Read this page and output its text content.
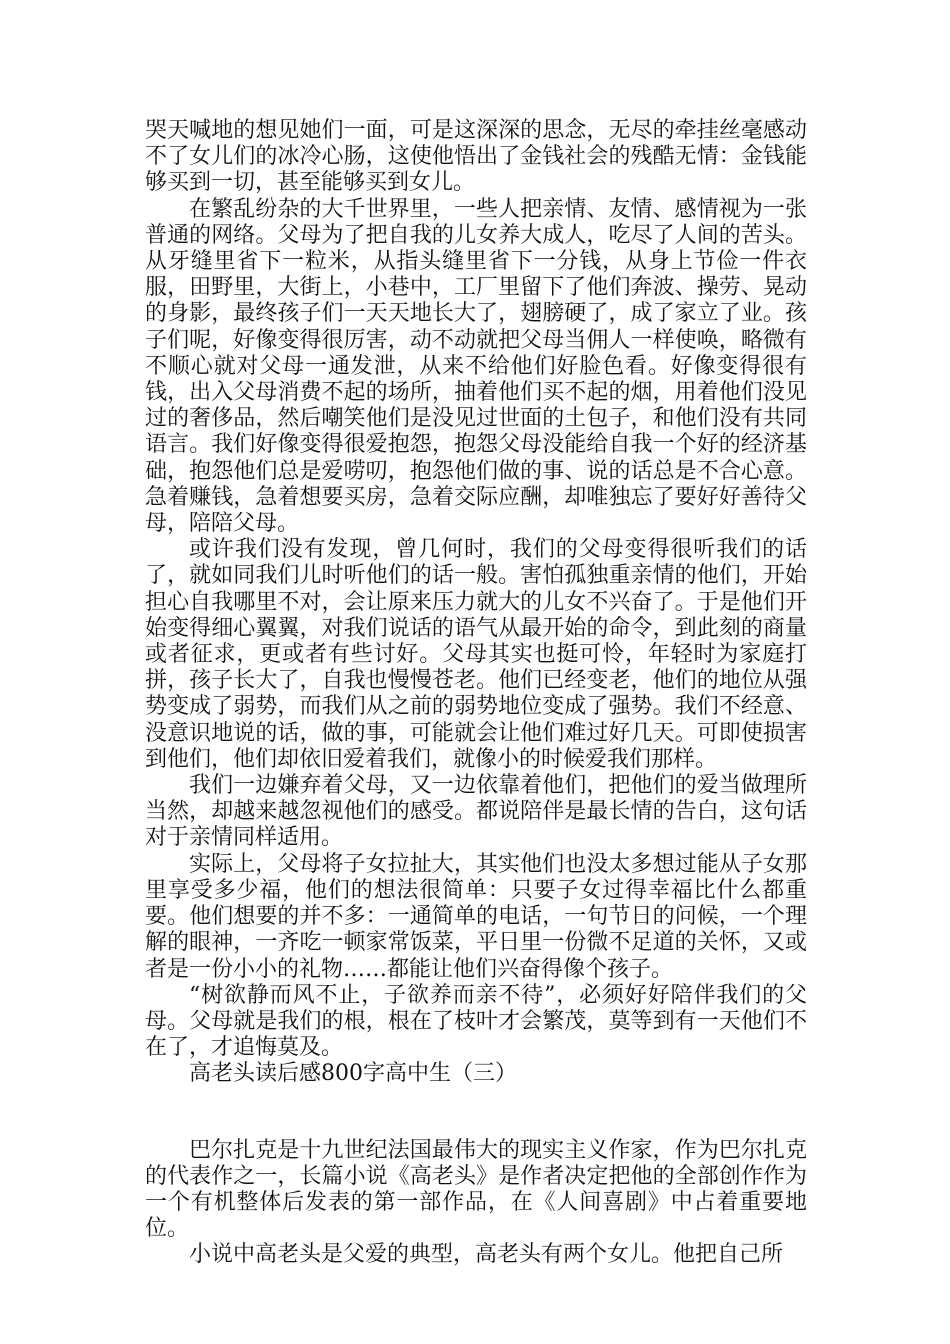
哭天喊地的想见她们一面，可是这深深的思念，无尽的牵挂丝毫感动不了女儿们的冰冷心肠，这使他悟出了金钱社会的残酷无情：金钱能够买到一切，甚至能够买到女儿。

在繁乱纷杂的大千世界里，一些人把亲情、友情、感情视为一张普通的网络。父母为了把自我的儿女养大成人，吃尽了人间的苦头。从牙缝里省下一粒米，从指头缝里省下一分钱，从身上节俭一件衣服，田野里，大街上，小巷中，工厂里留下了他们奔波、操劳、晃动的身影，最终孩子们一天天地长大了，翅膀硬了，成了家立了业。孩子们呢，好像变得很厉害，动不动就把父母当佣人一样使唤，略微有不顺心就对父母一通发泄，从来不给他们好脸色看。好像变得很有钱，出入父母消费不起的场所，抽着他们买不起的烟，用着他们没见过的奢侈品，然后嘲笑他们是没见过世面的土包子，和他们没有共同语言。我们好像变得很爱抱怨，抱怨父母没能给自我一个好的经济基础，抱怨他们总是爱唠叨，抱怨他们做的事、说的话总是不合心意。急着赚钱，急着想要买房，急着交际应酬，却唯独忘了要好好善待父母，陪陪父母。

或许我们没有发现，曾几何时，我们的父母变得很听我们的话了，就如同我们儿时听他们的话一般。害怕孤独重亲情的他们，开始担心自我哪里不对，会让原来压力就大的儿女不兴奋了。于是他们开始变得细心翼翼，对我们说话的语气从最开始的命令，到此刻的商量或者征求，更或者有些讨好。父母其实也挺可怜，年轻时为家庭打拼，孩子长大了，自我也慢慢苍老。他们已经变老，他们的地位从强势变成了弱势，而我们从之前的弱势地位变成了强势。我们不经意、没意识地说的话，做的事，可能就会让他们难过好几天。可即使损害到他们，他们却依旧爱着我们，就像小的时候爱我们那样。

我们一边嫌弃着父母，又一边依靠着他们，把他们的爱当做理所当然，却越来越忽视他们的感受。都说陪伴是最长情的告白，这句话对于亲情同样适用。

实际上，父母将子女拉扯大，其实他们也没太多想过能从子女那里享受多少福，他们的想法很简单：只要子女过得幸福比什么都重要。他们想要的并不多：一通简单的电话，一句节日的问候，一个理解的眼神，一齐吃一顿家常饭菜，平日里一份微不足道的关怀，又或者是一份小小的礼物……都能让他们兴奋得像个孩子。

“树欲静而风不止，子欲养而亲不待”，必须好好陪伴我们的父母。父母就是我们的根，根在了枝叶才会繁茂，莫等到有一天他们不在了，才追悔莫及。

高老头读后感800字高中生（三）

巴尔扎克是十九世纪法国最伟大的现实主义作家，作为巴尔扎克的代表作之一，长篇小说《高老头》是作者决定把他的全部创作作为一个有机整体后发表的第一部作品，在《人间喜剧》中占着重要地位。

小说中高老头是父爱的典型，高老头有两个女儿。他把自己所
